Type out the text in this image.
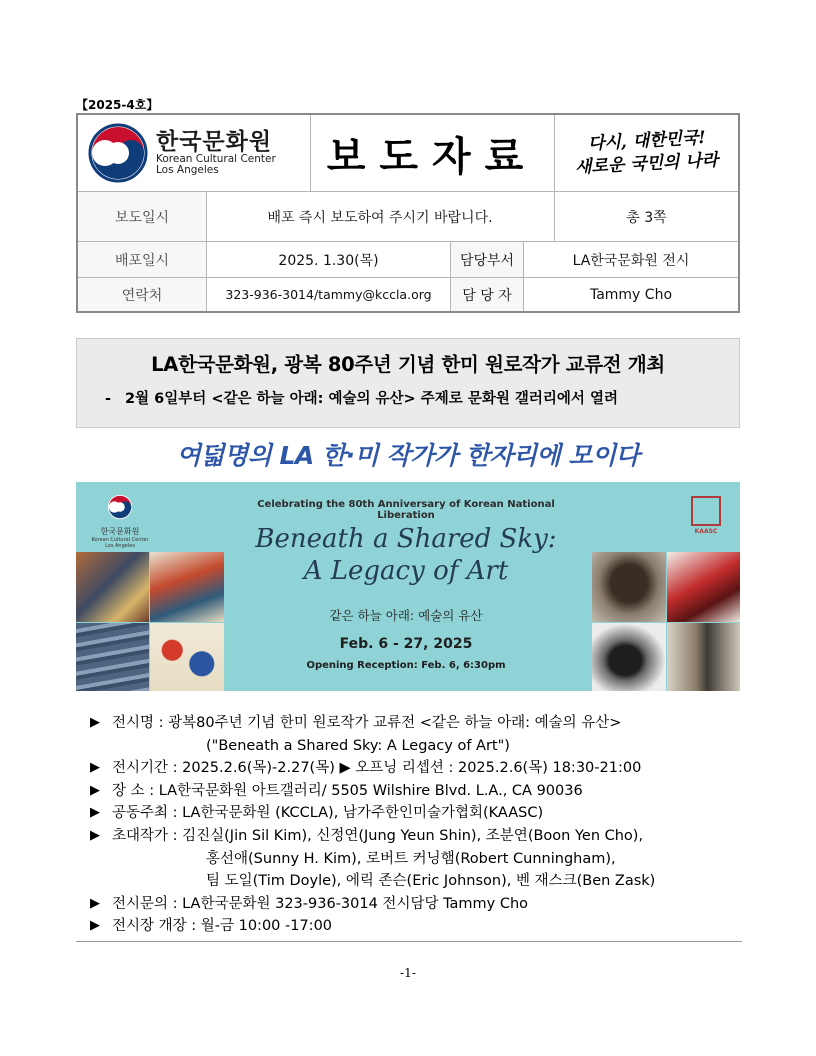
【2025-4호】
한국문화원
Korean Cultural Center
Los Angeles	보도자료	다시, 대한민국!
새로운 국민의 나라
보도일시	배포 즉시 보도하여 주시기 바랍니다.	총 3쪽
배포일시	2025. 1.30(목)	담당부서	LA한국문화원 전시
연락처	323-936-3014/tammy@kccla.org	담 당 자	Tammy Cho
LA한국문화원, 광복 80주년 기념 한미 원로작가 교류전 개최
- 2월 6일부터 <같은 하늘 아래: 예술의 유산> 주제로 문화원 갤러리에서 열려
여덟명의 LA 한·미 작가가 한자리에 모이다
한국문화원
Korean Cultural Center
Los Angeles
Celebrating the 80th Anniversary of Korean National Liberation
Beneath a Shared Sky:
A Legacy of Art
같은 하늘 아래: 예술의 유산
Feb. 6 - 27, 2025
Opening Reception: Feb. 6, 6:30pm
KAASC
▶ 전시명 : 광복80주년 기념 한미 원로작가 교류전 <같은 하늘 아래: 예술의 유산>
("Beneath a Shared Sky: A Legacy of Art")
▶ 전시기간 : 2025.2.6(목)-2.27(목) ▶ 오프닝 리셉션 : 2025.2.6(목) 18:30-21:00
▶ 장 소 : LA한국문화원 아트갤러리/ 5505 Wilshire Blvd. L.A., CA 90036
▶ 공동주최 : LA한국문화원 (KCCLA), 남가주한인미술가협회(KAASC)
▶ 초대작가 : 김진실(Jin Sil Kim), 신정연(Jung Yeun Shin), 조분연(Boon Yen Cho),
홍선애(Sunny H. Kim), 로버트 커닝햄(Robert Cunningham),
팀 도일(Tim Doyle), 에릭 존슨(Eric Johnson), 벤 재스크(Ben Zask)
▶ 전시문의 : LA한국문화원 323-936-3014 전시담당 Tammy Cho
▶ 전시장 개장 : 월-금 10:00 -17:00
-1-
